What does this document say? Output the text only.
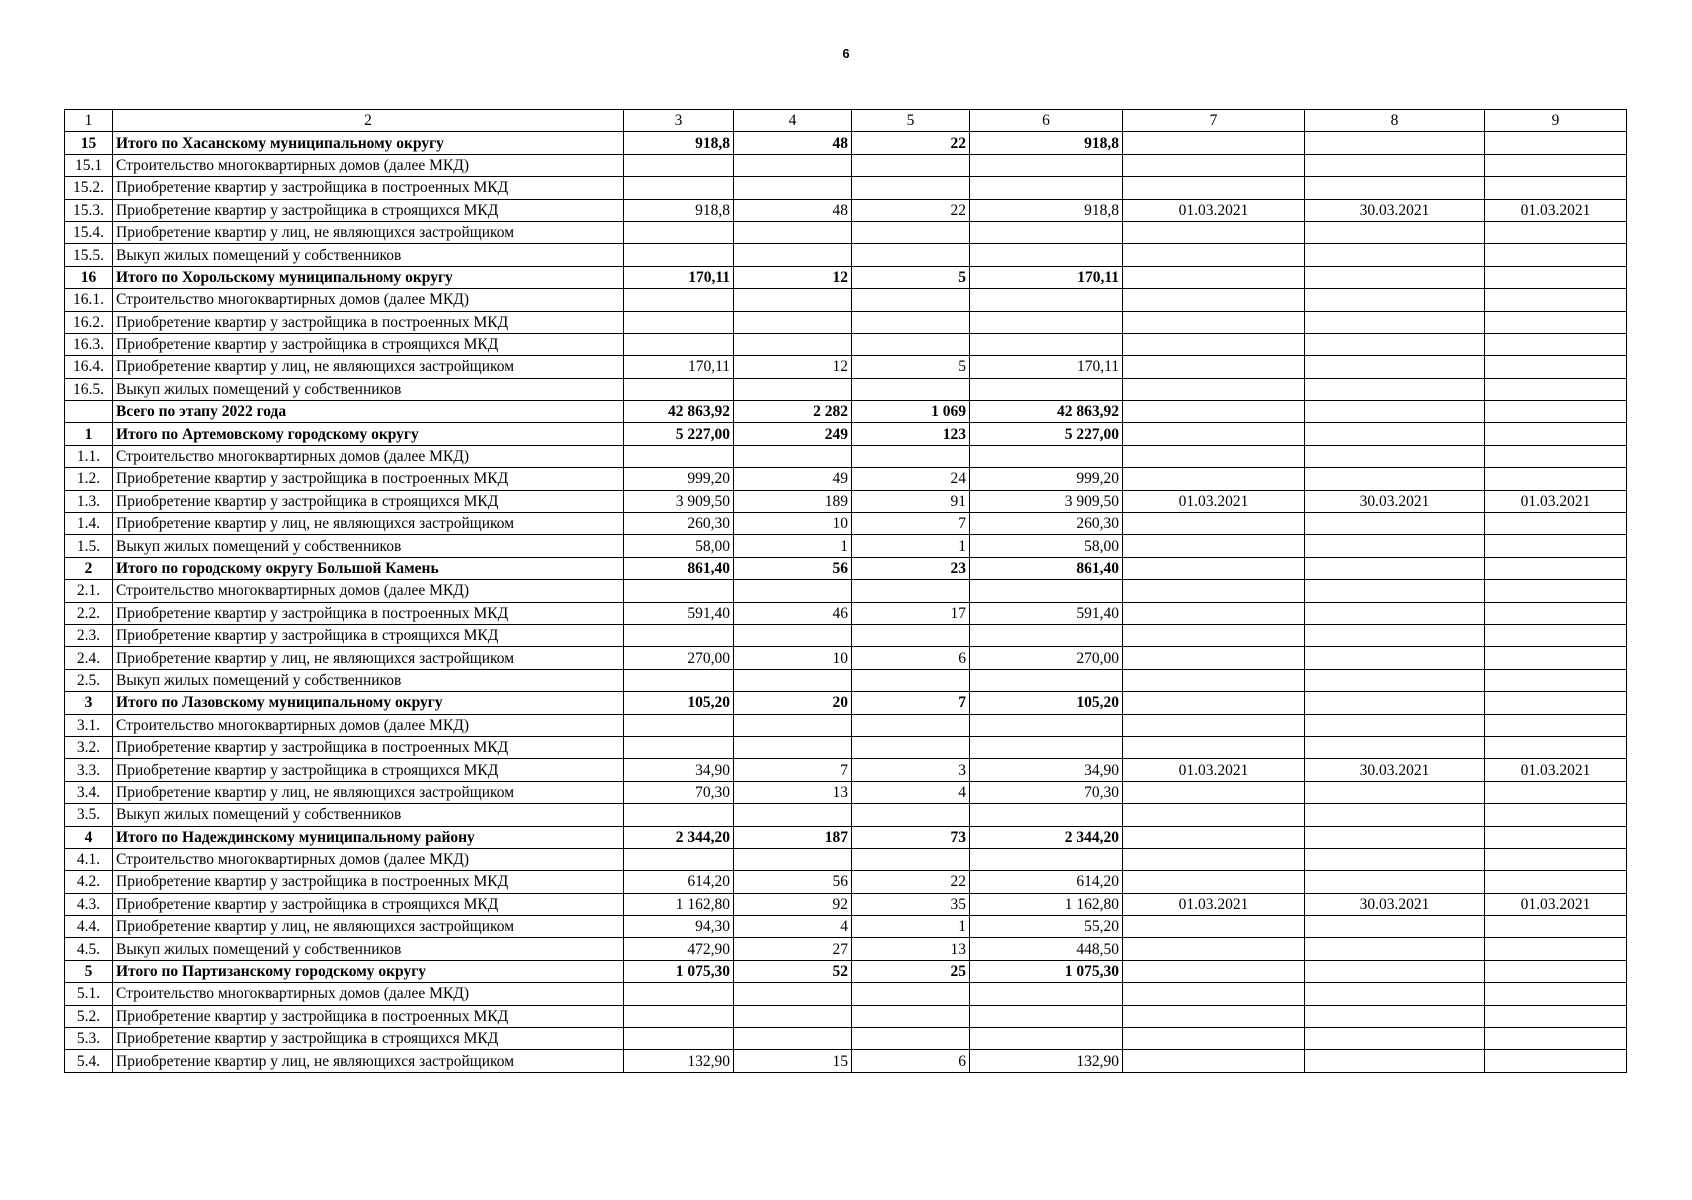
6
1	2	3	4	5	6	7	8	9
15	Итого по Хасанскому муниципальному округу	918,8	48	22	918,8			
15.1	Строительство многоквартирных домов (далее МКД)							
15.2.	Приобретение квартир у застройщика в построенных МКД							
15.3.	Приобретение квартир у застройщика в строящихся МКД	918,8	48	22	918,8	01.03.2021	30.03.2021	01.03.2021
15.4.	Приобретение квартир у лиц, не являющихся застройщиком							
15.5.	Выкуп жилых помещений у собственников							
16	Итого по Хорольскому муниципальному округу	170,11	12	5	170,11			
16.1.	Строительство многоквартирных домов (далее МКД)							
16.2.	Приобретение квартир у застройщика в построенных МКД							
16.3.	Приобретение квартир у застройщика в строящихся МКД							
16.4.	Приобретение квартир у лиц, не являющихся застройщиком	170,11	12	5	170,11			
16.5.	Выкуп жилых помещений у собственников							
	Всего по этапу 2022 года	42 863,92	2 282	1 069	42 863,92			
1	Итого по Артемовскому городскому округу	5 227,00	249	123	5 227,00			
1.1.	Строительство многоквартирных домов (далее МКД)							
1.2.	Приобретение квартир у застройщика в построенных МКД	999,20	49	24	999,20			
1.3.	Приобретение квартир у застройщика в строящихся МКД	3 909,50	189	91	3 909,50	01.03.2021	30.03.2021	01.03.2021
1.4.	Приобретение квартир у лиц, не являющихся застройщиком	260,30	10	7	260,30			
1.5.	Выкуп жилых помещений у собственников	58,00	1	1	58,00			
2	Итого по городскому округу Большой Камень	861,40	56	23	861,40			
2.1.	Строительство многоквартирных домов (далее МКД)							
2.2.	Приобретение квартир у застройщика в построенных МКД	591,40	46	17	591,40			
2.3.	Приобретение квартир у застройщика в строящихся МКД							
2.4.	Приобретение квартир у лиц, не являющихся застройщиком	270,00	10	6	270,00			
2.5.	Выкуп жилых помещений у собственников							
3	Итого по Лазовскому муниципальному округу	105,20	20	7	105,20			
3.1.	Строительство многоквартирных домов (далее МКД)							
3.2.	Приобретение квартир у застройщика в построенных МКД							
3.3.	Приобретение квартир у застройщика в строящихся МКД	34,90	7	3	34,90	01.03.2021	30.03.2021	01.03.2021
3.4.	Приобретение квартир у лиц, не являющихся застройщиком	70,30	13	4	70,30			
3.5.	Выкуп жилых помещений у собственников							
4	Итого по Надеждинскому муниципальному району	2 344,20	187	73	2 344,20			
4.1.	Строительство многоквартирных домов (далее МКД)							
4.2.	Приобретение квартир у застройщика в построенных МКД	614,20	56	22	614,20			
4.3.	Приобретение квартир у застройщика в строящихся МКД	1 162,80	92	35	1 162,80	01.03.2021	30.03.2021	01.03.2021
4.4.	Приобретение квартир у лиц, не являющихся застройщиком	94,30	4	1	55,20			
4.5.	Выкуп жилых помещений у собственников	472,90	27	13	448,50			
5	Итого по Партизанскому городскому округу	1 075,30	52	25	1 075,30			
5.1.	Строительство многоквартирных домов (далее МКД)							
5.2.	Приобретение квартир у застройщика в построенных МКД							
5.3.	Приобретение квартир у застройщика в строящихся МКД							
5.4.	Приобретение квартир у лиц, не являющихся застройщиком	132,90	15	6	132,90			
